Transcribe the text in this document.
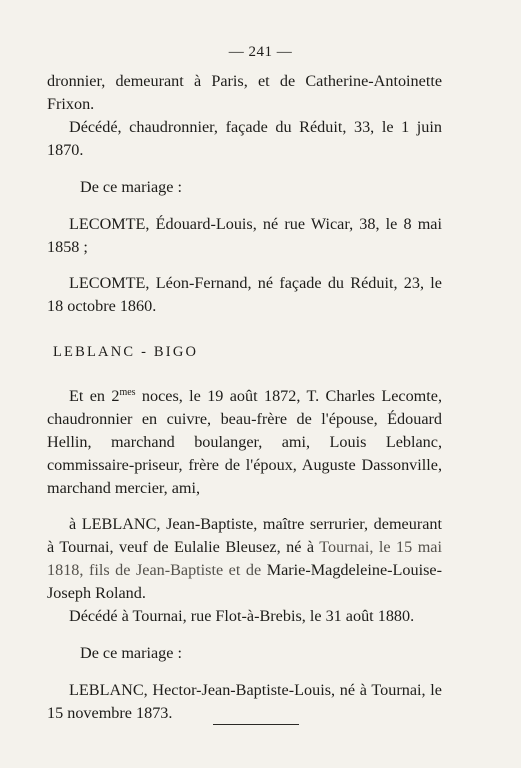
— 241 —

dronnier, demeurant à Paris, et de Catherine-Antoinette Frixon.

Décédé, chaudronnier, façade du Réduit, 33, le 1 juin 1870.

De ce mariage :

LECOMTE, Édouard-Louis, né rue Wicar, 38, le 8 mai 1858 ;

LECOMTE, Léon-Fernand, né façade du Réduit, 23, le 18 octobre 1860.

LEBLANC - BIGO

Et en $2^{mes}$ noces, le 19 août 1872, T. Charles Lecomte, chaudronnier en cuivre, beau-frère de l'épouse, Édouard Hellin, marchand boulanger, ami, Louis Leblanc, commissaire-priseur, frère de l'époux, Auguste Dassonville, marchand mercier, ami,

à LEBLANC, Jean-Baptiste, maître serrurier, demeurant à Tournai, veuf de Eulalie Bleusez, né à Tournai, le 15 mai 1818, fils de Jean-Baptiste et de Marie-Magdeleine-Louise-Joseph Roland.

Décédé à Tournai, rue Flot-à-Brebis, le 31 août 1880.

De ce mariage :

LEBLANC, Hector-Jean-Baptiste-Louis, né à Tournai, le 15 novembre 1873.
